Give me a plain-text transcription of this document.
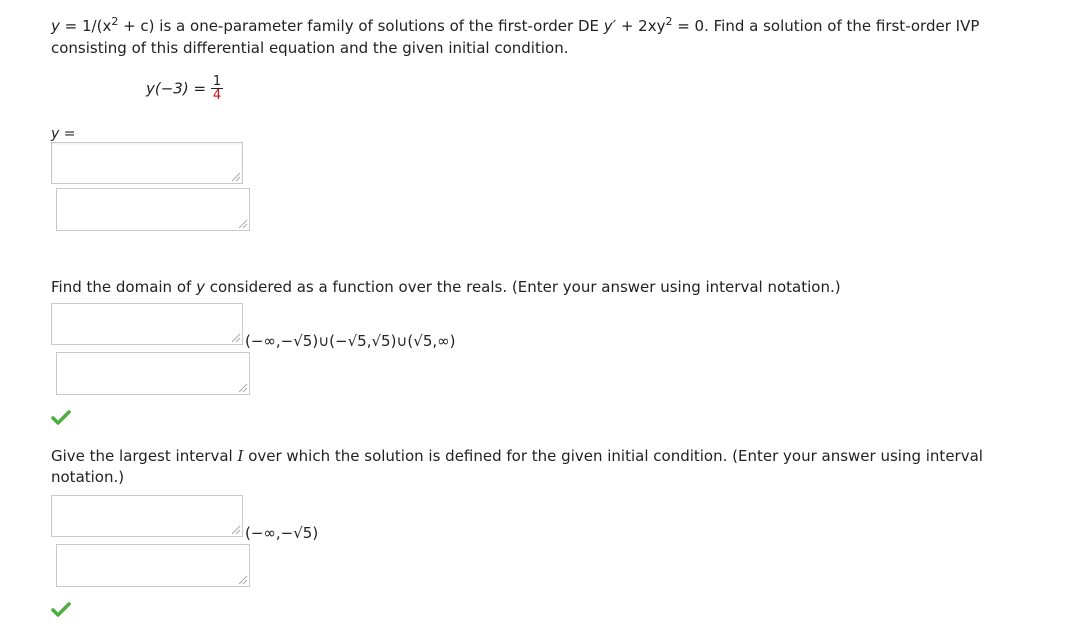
$y = 1/(x^2 + c)$ is a one-parameter family of solutions of the first-order DE $y' + 2xy^2 = 0$. Find a solution of the first-order IVP
consisting of this differential equation and the given initial condition.
$y(-3) = \frac{1}{4}$
y =
Find the domain of y considered as a function over the reals. (Enter your answer using interval notation.)
(−∞,−√5)∪(−√5,√5)∪(√5,∞)
Give the largest interval I over which the solution is defined for the given initial condition. (Enter your answer using interval
notation.)
(−∞,−√5)
